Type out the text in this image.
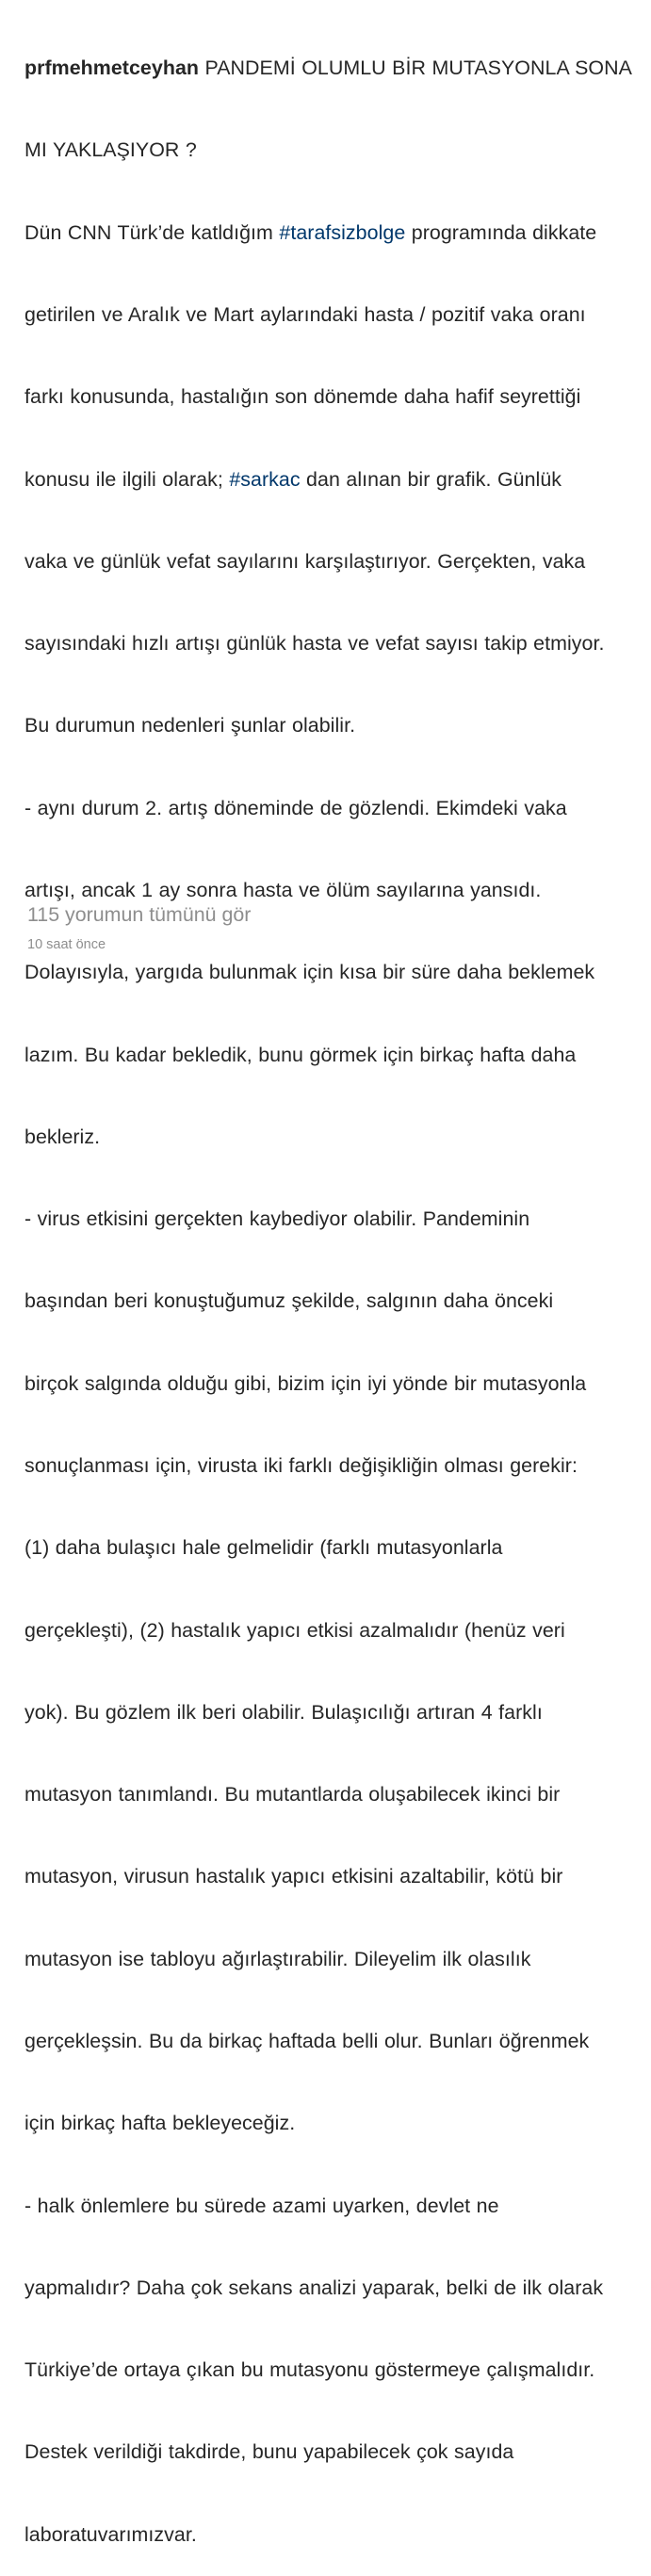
prfmehmetceyhan PANDEMİ OLUMLU BİR MUTASYONLA SONA

MI YAKLAŞIYOR ?

Dün CNN Türk’de katldığım #tarafsizbolge programında dikkate

getirilen ve Aralık ve Mart aylarındaki hasta / pozitif vaka oranı

farkı konusunda, hastalığın son dönemde daha hafif seyrettiği

konusu ile ilgili olarak; #sarkac dan alınan bir grafik. Günlük

vaka ve günlük vefat sayılarını karşılaştırıyor. Gerçekten, vaka

sayısındaki hızlı artışı günlük hasta ve vefat sayısı takip etmiyor.

Bu durumun nedenleri şunlar olabilir.

- aynı durum 2. artış döneminde de gözlendi. Ekimdeki vaka

artışı, ancak 1 ay sonra hasta ve ölüm sayılarına yansıdı.

Dolayısıyla, yargıda bulunmak için kısa bir süre daha beklemek

lazım. Bu kadar bekledik, bunu görmek için birkaç hafta daha

bekleriz.

- virus etkisini gerçekten kaybediyor olabilir. Pandeminin

başından beri konuştuğumuz şekilde, salgının daha önceki

birçok salgında olduğu gibi, bizim için iyi yönde bir mutasyonla

sonuçlanması için, virusta iki farklı değişikliğin olması gerekir:

(1) daha bulaşıcı hale gelmelidir (farklı mutasyonlarla

gerçekleşti), (2) hastalık yapıcı etkisi azalmalıdır (henüz veri

yok). Bu gözlem ilk beri olabilir. Bulaşıcılığı artıran 4 farklı

mutasyon tanımlandı. Bu mutantlarda oluşabilecek ikinci bir

mutasyon, virusun hastalık yapıcı etkisini azaltabilir, kötü bir

mutasyon ise tabloyu ağırlaştırabilir. Dileyelim ilk olasılık

gerçekleşsin. Bu da birkaç haftada belli olur. Bunları öğrenmek

için birkaç hafta bekleyeceğiz.

- halk önlemlere bu sürede azami uyarken, devlet ne

yapmalıdır? Daha çok sekans analizi yaparak, belki de ilk olarak

Türkiye’de ortaya çıkan bu mutasyonu göstermeye çalışmalıdır.

Destek verildiği takdirde, bunu yapabilecek çok sayıda

laboratuvarımızvar.

115 yorumun tümünü gör
10 saat önce
